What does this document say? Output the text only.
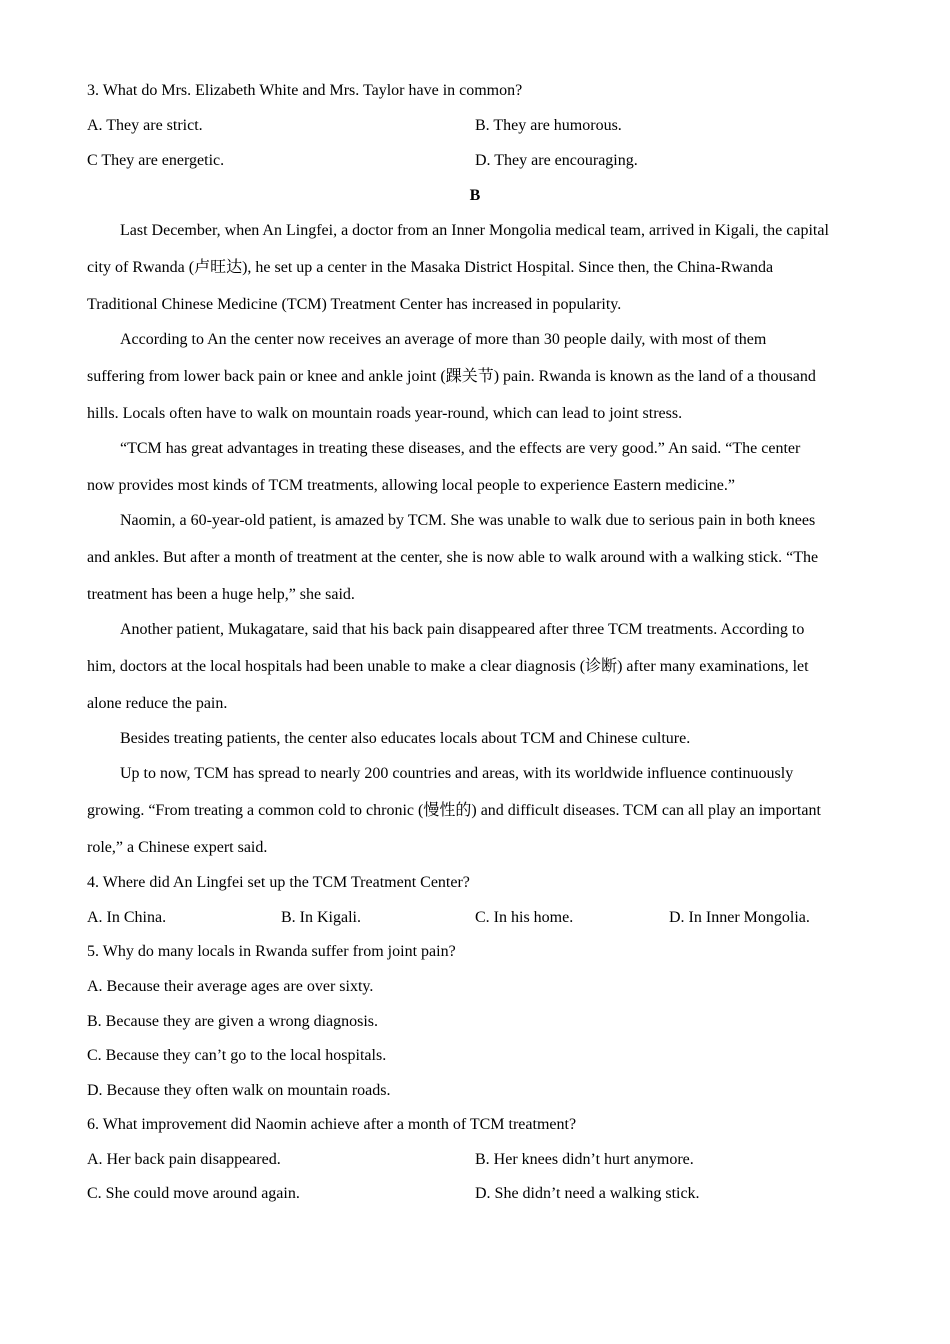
3. What do Mrs. Elizabeth White and Mrs. Taylor have in common?
A. They are strict.	B. They are humorous.
C They are energetic.	D. They are encouraging.
B
Last December, when An Lingfei, a doctor from an Inner Mongolia medical team, arrived in Kigali, the capital
city of Rwanda (卢旺达), he set up a center in the Masaka District Hospital. Since then, the China-Rwanda
Traditional Chinese Medicine (TCM) Treatment Center has increased in popularity.
According to An the center now receives an average of more than 30 people daily, with most of them
suffering from lower back pain or knee and ankle joint (踝关节) pain. Rwanda is known as the land of a thousand
hills. Locals often have to walk on mountain roads year-round, which can lead to joint stress.
“TCM has great advantages in treating these diseases, and the effects are very good.” An said. “The center
now provides most kinds of TCM treatments, allowing local people to experience Eastern medicine.”
Naomin, a 60-year-old patient, is amazed by TCM. She was unable to walk due to serious pain in both knees
and ankles. But after a month of treatment at the center, she is now able to walk around with a walking stick. “The
treatment has been a huge help,” she said.
Another patient, Mukagatare, said that his back pain disappeared after three TCM treatments. According to
him, doctors at the local hospitals had been unable to make a clear diagnosis (诊断) after many examinations, let
alone reduce the pain.
Besides treating patients, the center also educates locals about TCM and Chinese culture.
Up to now, TCM has spread to nearly 200 countries and areas, with its worldwide influence continuously
growing. “From treating a common cold to chronic (慢性的) and difficult diseases. TCM can all play an important
role,” a Chinese expert said.
4. Where did An Lingfei set up the TCM Treatment Center?
A. In China.	B. In Kigali.	C. In his home.	D. In Inner Mongolia.
5. Why do many locals in Rwanda suffer from joint pain?
A. Because their average ages are over sixty.
B. Because they are given a wrong diagnosis.
C. Because they can’t go to the local hospitals.
D. Because they often walk on mountain roads.
6. What improvement did Naomin achieve after a month of TCM treatment?
A. Her back pain disappeared.	B. Her knees didn’t hurt anymore.
C. She could move around again.	D. She didn’t need a walking stick.
